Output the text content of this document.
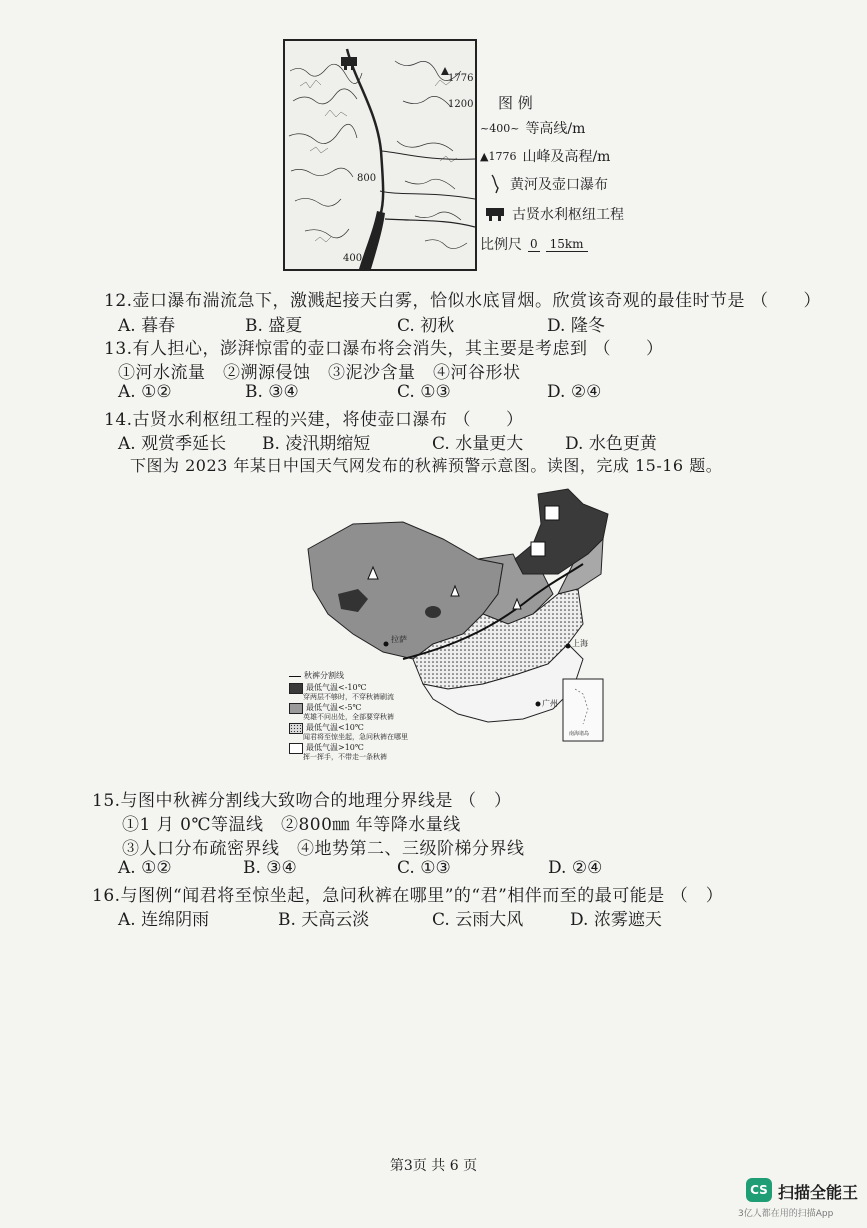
1776
1200
800
400
图 例
~400~ 等高线/m
▲1776 山峰及高程/m
黄河及壶口瀑布
古贤水利枢纽工程
比例尺 0	15km
12.壶口瀑布湍流急下，激溅起接天白雾，恰似水底冒烟。欣赏该奇观的最佳时节是 （　　）
A. 暮春	B. 盛夏	C. 初秋	D. 隆冬
13.有人担心，澎湃惊雷的壶口瀑布将会消失，其主要是考虑到 （　　）
①河水流量　②溯源侵蚀　③泥沙含量　④河谷形状
A. ①②	B. ③④	C. ①③	D. ②④
14.古贤水利枢纽工程的兴建，将使壶口瀑布 （　　）
A. 观赏季延长 B. 凌汛期缩短	C. 水量更大 D. 水色更黄
下图为 2023 年某日中国天气网发布的秋裤预警示意图。读图，完成 15-16 题。
拉萨	上海
广州
南海诸岛
秋裤分割线
最低气温<-10℃
穿两层不够时，不穿秋裤刷流
最低气温<-5℃
英雄不问出处，全部要穿秋裤
最低气温<10℃
闻君将至惊坐起，急问秋裤在哪里
最低气温>10℃
挥一挥手，不带走一条秋裤
15.与图中秋裤分割线大致吻合的地理分界线是 （　）
①1 月 0℃等温线　②800㎜ 年等降水量线
③人口分布疏密界线　④地势第二、三级阶梯分界线
A. ①②	B. ③④	C. ①③	D. ②④
16.与图例“闻君将至惊坐起，急问秋裤在哪里”的“君”相伴而至的最可能是 （　）
A. 连绵阴雨	B. 天高云淡	C. 云雨大风	D. 浓雾遮天
第3页 共 6 页
CS 扫描全能王
3亿人都在用的扫描App
